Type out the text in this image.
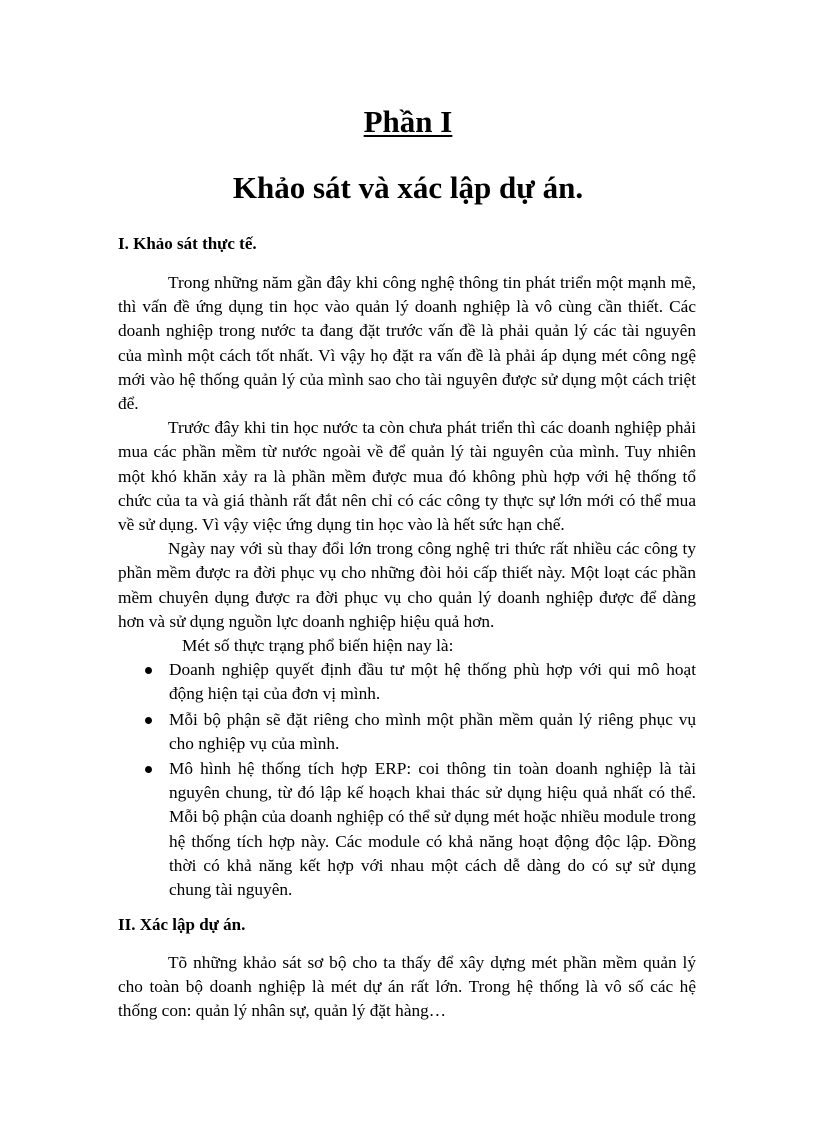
Phần I
Khảo sát và xác lập dự án.
I. Khảo sát thực tế.

Trong những năm gần đây khi công nghệ thông tin phát triển một mạnh mẽ, thì vấn đề ứng dụng tin học vào quản lý doanh nghiệp là vô cùng cần thiết. Các doanh nghiệp trong nước ta đang đặt trước vấn đề là phải quản lý các tài nguyên của mình một cách tốt nhất. Vì vậy họ đặt ra vấn đề là phải áp dụng mét công ngệ mới vào hệ thống quản lý của mình sao cho tài nguyên được sử dụng một cách triệt để.

Trước đây khi tin học nước ta còn chưa phát triển thì các doanh nghiệp phải mua các phần mềm từ nước ngoài về để quản lý tài nguyên của mình. Tuy nhiên một khó khăn xảy ra là phần mềm được mua đó không phù hợp với hệ thống tổ chức của ta và giá thành rất đắt nên chỉ có các công ty thực sự lớn mới có thể mua về sử dụng. Vì vậy việc ứng dụng tin học vào là hết sức hạn chế.

Ngày nay với sù thay đổi lớn trong công nghệ tri thức rất nhiều các công ty phần mềm được ra đời phục vụ cho những đòi hỏi cấp thiết này. Một loạt các phần mềm chuyên dụng được ra đời phục vụ cho quản lý doanh nghiệp được để dàng hơn và sử dụng nguồn lực doanh nghiệp hiệu quả hơn.

Mét số thực trạng phổ biến hiện nay là:

Doanh nghiệp quyết định đầu tư một hệ thống phù hợp với qui mô hoạt động hiện tại của đơn vị mình.
Mỗi bộ phận sẽ đặt riêng cho mình một phần mềm quản lý riêng phục vụ cho nghiệp vụ của mình.
Mô hình hệ thống tích hợp ERP: coi thông tin toàn doanh nghiệp là tài nguyên chung, từ đó lập kế hoạch khai thác sử dụng hiệu quả nhất có thể. Mỗi bộ phận của doanh nghiệp có thể sử dụng mét hoặc nhiều module trong hệ thống tích hợp này. Các module có khả năng hoạt động độc lập. Đồng thời có khả năng kết hợp với nhau một cách dễ dàng do có sự sử dụng chung tài nguyên.
II. Xác lập dự án.

Tõ những khảo sát sơ bộ cho ta thấy để xây dựng mét phần mềm quản lý cho toàn bộ doanh nghiệp là mét dự án rất lớn. Trong hệ thống là vô số các hệ thống con: quản lý nhân sự, quản lý đặt hàng…
